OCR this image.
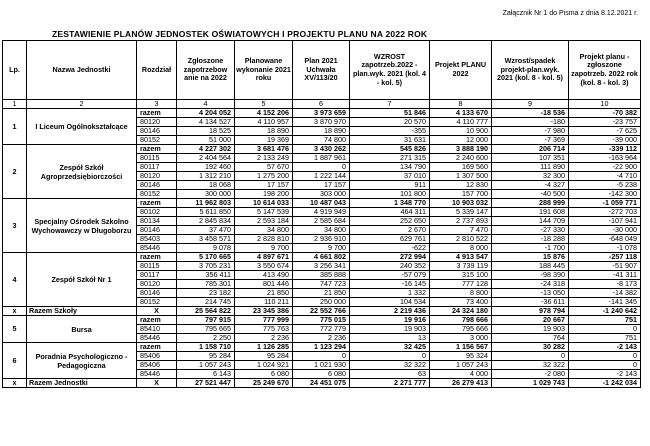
Załącznik Nr 1 do Pisma z dnia 8.12.2021 r.
ZESTAWIENIE PLANÓW JEDNOSTEK OŚWIATOWYCH I PROJEKTU PLANU NA 2022 ROK
Lp.	Nazwa Jednostki	Rozdział	Zgłoszone zapotrzebow anie na 2022	Planowane wykonanie 2021 roku	Plan 2021 Uchwała XV/113/20	WZROST zapotrzeb.2022 - plan.wyk. 2021 (kol. 4 - kol. 5)	Projekt PLANU 2022	Wzrost/spadek projekt-plan.wyk. 2021 (kol. 8 - kol. 5)	Projekt planu - zgłoszone zapotrzeb. 2022 rok (kol. 8 - kol. 3)
1	2	3	4	5	6	7	8	9	10
1	I Liceum Ogólnokształcące	razem	4 204 052	4 152 206	3 973 659	51 846	4 133 670	-18 536	-70 382
		80120	4 134 527	4 110 957	3 870 970	20 570	4 110 777	-180	-23 757
		80146	18 525	18 890	18 890	-355	10 900	-7 980	-7 625
		80152	51 000	19 369	74 800	31 631	12 000	-7 369	-39 000
2	Zespół Szkół Agroprzedsiębiorczości	razem	4 227 302	3 681 476	3 430 262	545 826	3 888 190	206 714	-339 112
		80115	2 404 564	2 133 249	1 887 961	271 315	2 240 600	107 351	-163 964
		80117	192 460	57 670	0	134 790	169 560	111 890	-22 900
		80120	1 312 210	1 275 200	1 222 144	37 010	1 307 500	32 300	-4 710
		80146	18 068	17 157	17 157	911	12 830	-4 327	-5 238
		80152	300 000	198 200	303 000	101 800	157 700	-40 500	-142 300
3	Specjalny Ośrodek Szkolno Wychowawczy w Długoborzu	razem	11 962 803	10 614 033	10 487 043	1 348 770	10 903 032	288 999	-1 059 771
		80102	5 611 850	5 147 539	4 919 949	464 311	5 339 147	191 608	-272 703
		80134	2 845 834	2 593 184	2 585 684	252 650	2 737 893	144 709	-107 941
		80146	37 470	34 800	34 800	2 670	7 470	-27 330	-30 000
		85403	3 458 571	2 828 810	2 936 910	629 761	2 810 522	-18 288	-648 049
		85446	9 078	9 700	9 700	-622	8 000	-1 700	-1 078
4	Zespół Szkół Nr 1	razem	5 170 665	4 897 671	4 661 802	272 994	4 913 547	15 876	-257 118
		80115	3 705 231	3 550 674	3 256 341	240 352	3 739 119	188 445	-51 907
		80117	356 411	413 490	385 888	-57 079	315 100	-98 390	-41 311
		80120	785 301	801 446	747 723	-16 145	777 128	-24 318	-8 173
		80146	23 182	21 850	21 850	1 332	8 800	-13 050	-14 382
		80152	214 745	110 211	250 000	104 534	73 400	-36 611	-141 345
x	Razem Szkoły	X	25 564 822	23 345 386	22 552 766	2 219 436	24 324 180	978 794	-1 240 642
5	Bursa	razem	797 915	777 999	775 015	19 916	798 666	20 667	751
		85410	795 665	775 763	772 779	19 903	795 666	19 903	0
		85446	2 250	2 236	2 236	13	3 000	764	751
6	Poradnia Psychologiczno - Pedagogiczna	razem	1 158 710	1 126 285	1 123 294	32 425	1 156 567	30 282	-2 143
		85406	95 284	95 284	0	0	95 324	0	0
		85406	1 057 243	1 024 921	1 021 930	32 322	1 057 243	32 322	0
		85446	6 143	6 080	6 080	63	4 000	-2 080	-2 143
x	Razem Jednostki	X	27 521 447	25 249 670	24 451 075	2 271 777	26 279 413	1 029 743	-1 242 034
